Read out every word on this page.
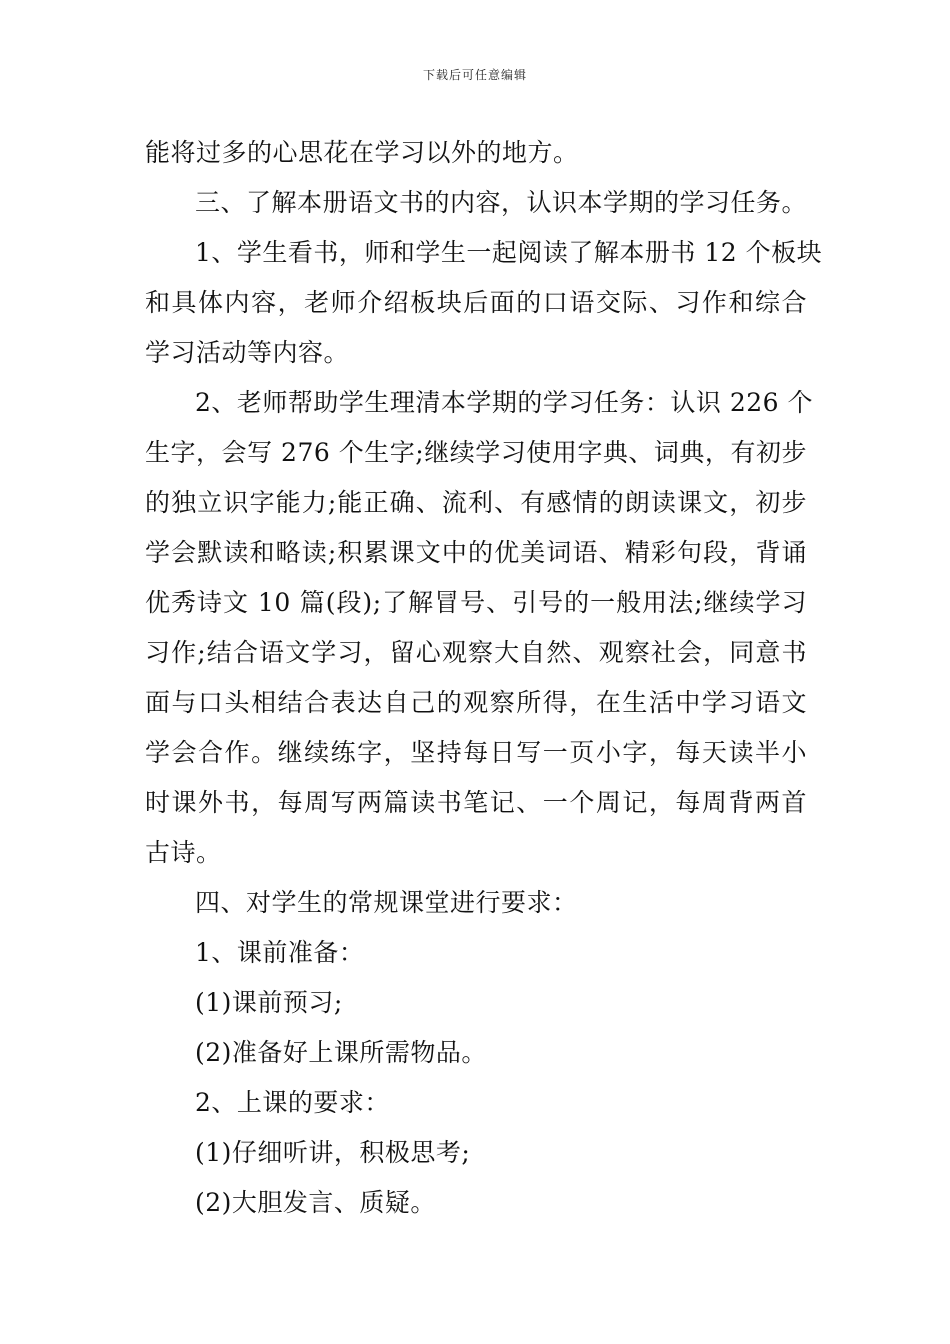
下载后可任意编辑
能将过多的心思花在学习以外的地方。
三、了解本册语文书的内容，认识本学期的学习任务。
1、学生看书，师和学生一起阅读了解本册书 12 个板块
和具体内容，老师介绍板块后面的口语交际、习作和综合
学习活动等内容。
2、老师帮助学生理清本学期的学习任务：认识 226 个
生字，会写 276 个生字;继续学习使用字典、词典，有初步
的独立识字能力;能正确、流利、有感情的朗读课文，初步
学会默读和略读;积累课文中的优美词语、精彩句段，背诵
优秀诗文 10 篇(段);了解冒号、引号的一般用法;继续学习
习作;结合语文学习，留心观察大自然、观察社会，同意书
面与口头相结合表达自己的观察所得，在生活中学习语文
学会合作。继续练字，坚持每日写一页小字，每天读半小
时课外书，每周写两篇读书笔记、一个周记，每周背两首
古诗。
四、对学生的常规课堂进行要求：
1、课前准备：
(1)课前预习;
(2)准备好上课所需物品。
2、上课的要求：
(1)仔细听讲，积极思考;
(2)大胆发言、质疑。
